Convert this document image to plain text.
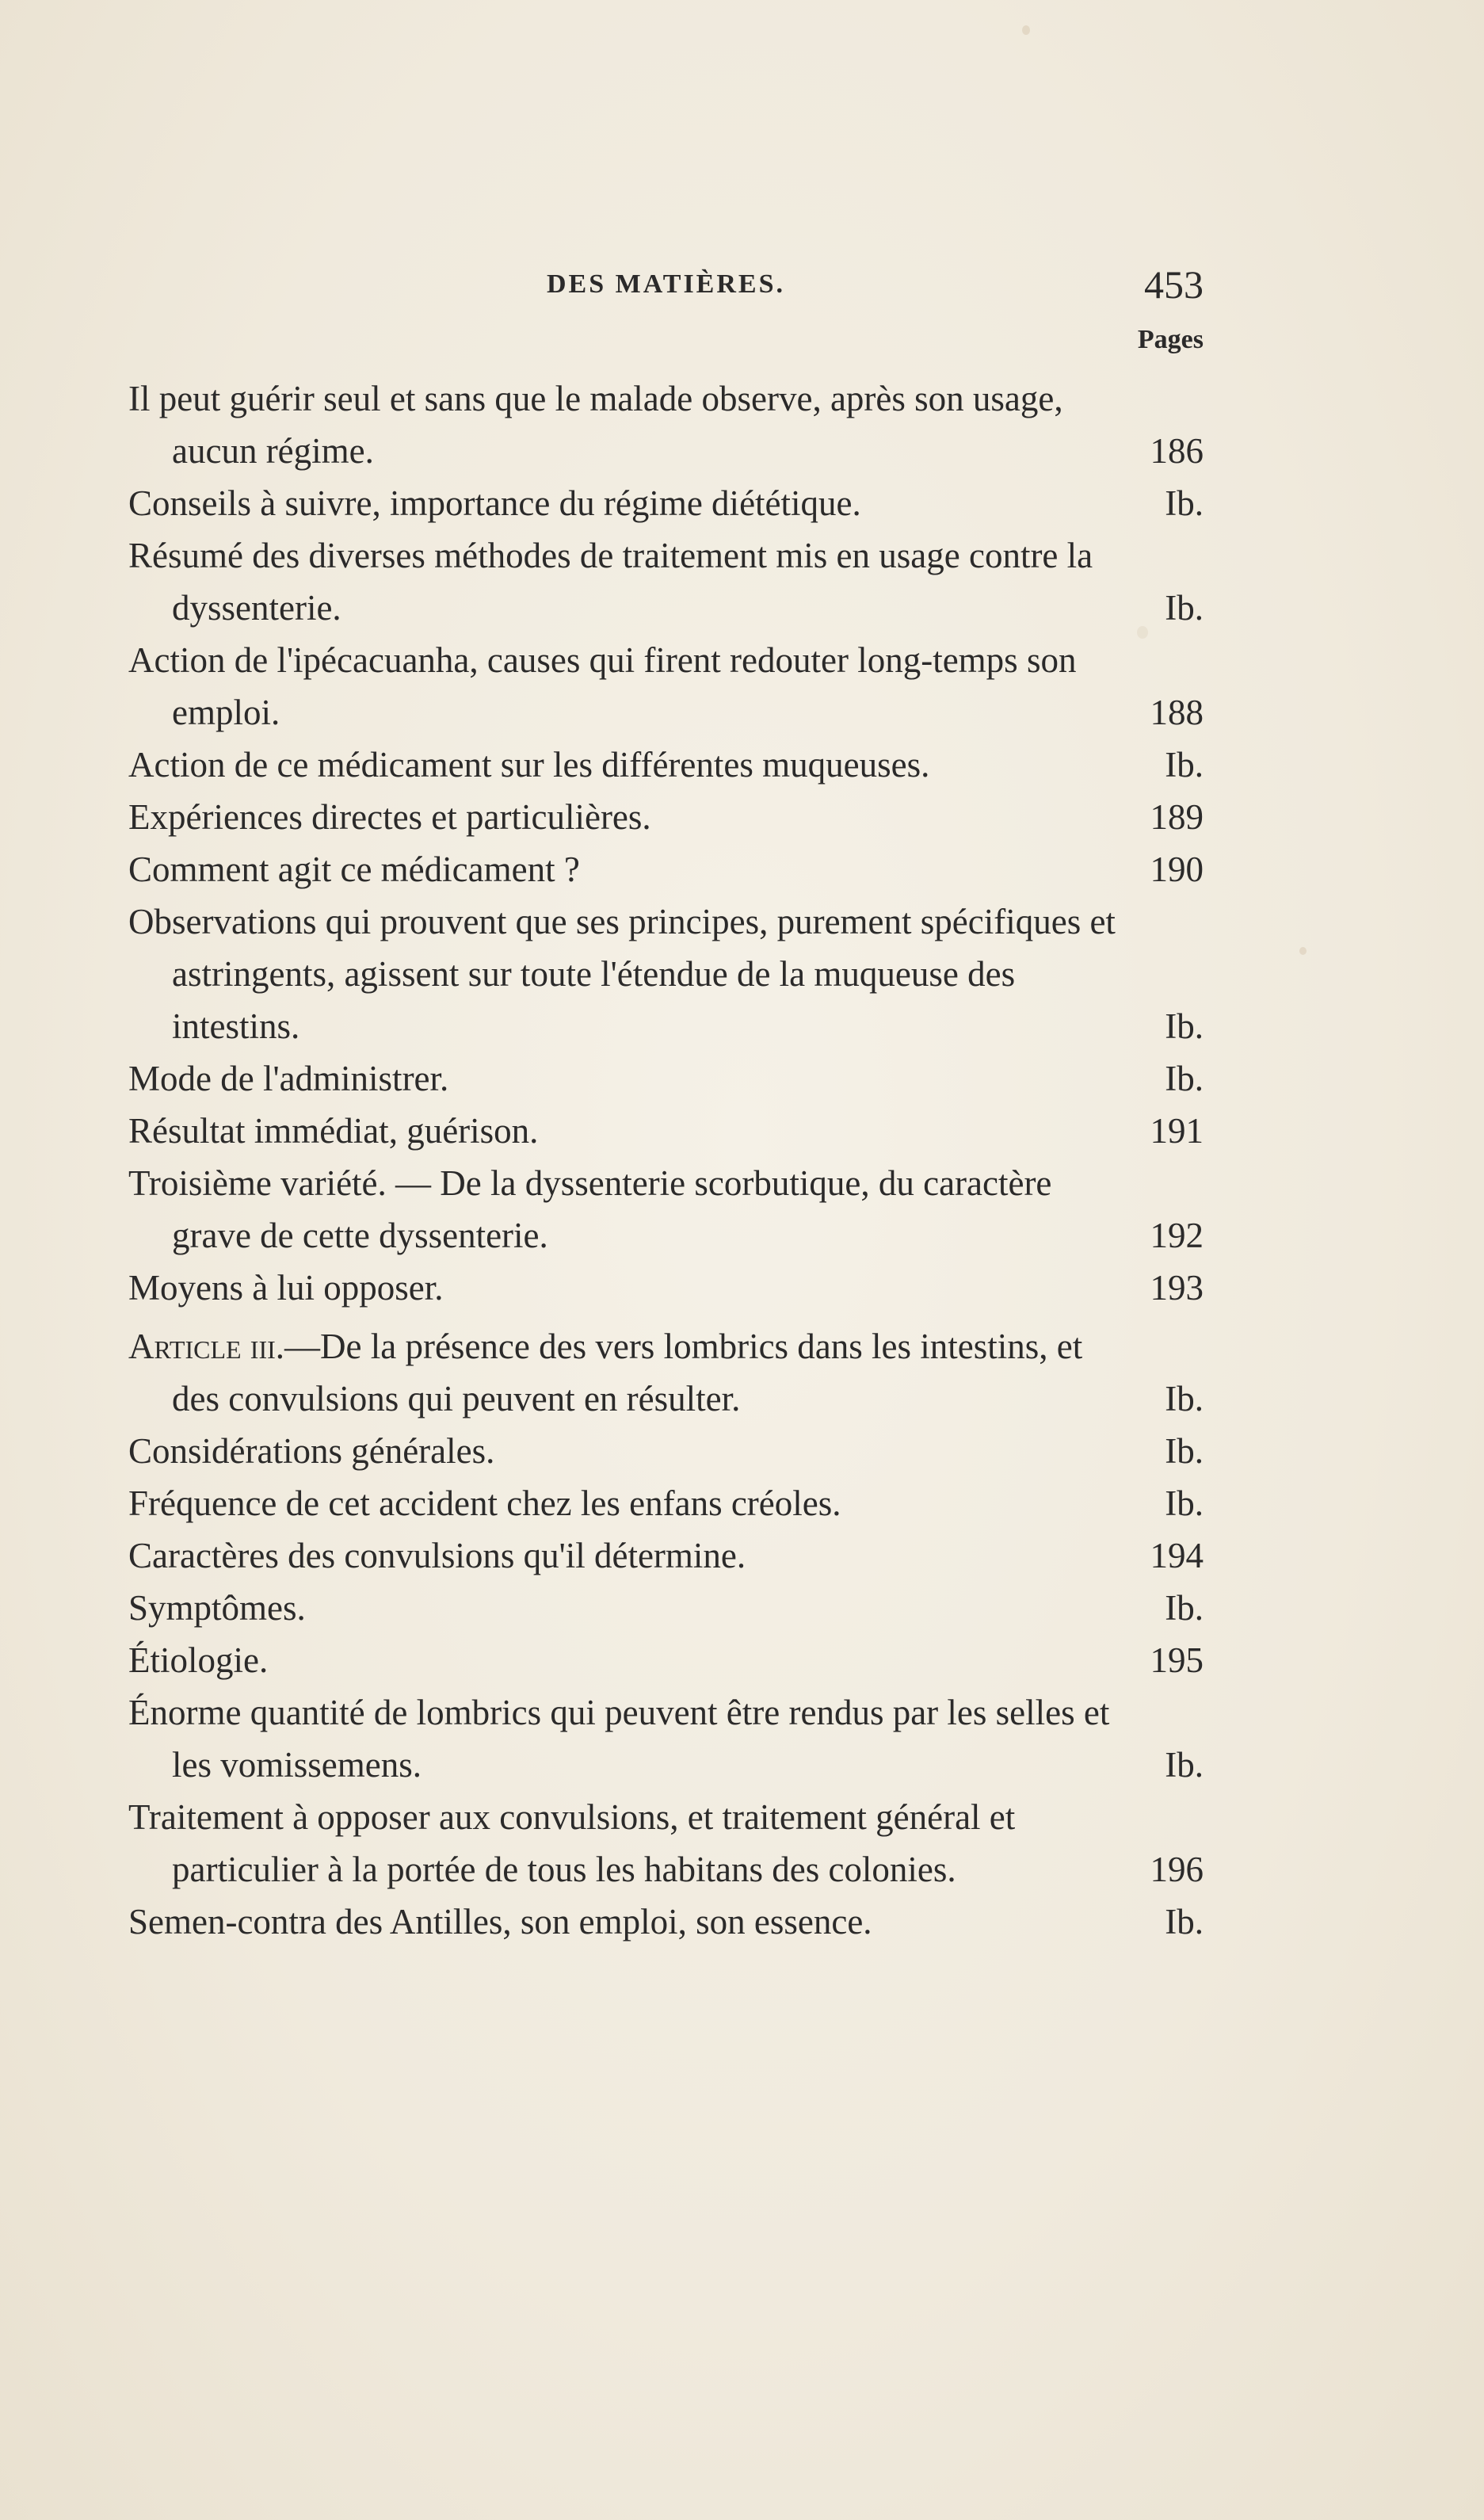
DES MATIÈRES.	453
Pages
Il peut guérir seul et sans que le malade observe, après son usage, aucun régime.	186
Conseils à suivre, importance du régime diététique.	Ib.
Résumé des diverses méthodes de traitement mis en usage contre la dyssenterie.	Ib.
Action de l'ipécacuanha, causes qui firent redouter long-temps son emploi.	188
Action de ce médicament sur les différentes muqueuses.	Ib.
Expériences directes et particulières.	189
Comment agit ce médicament ?	190
Observations qui prouvent que ses principes, purement spécifiques et astringents, agissent sur toute l'étendue de la muqueuse des intestins.	Ib.
Mode de l'administrer.	Ib.
Résultat immédiat, guérison.	191
Troisième variété. — De la dyssenterie scorbutique, du caractère grave de cette dyssenterie.	192
Moyens à lui opposer.	193
Article iii.—De la présence des vers lombrics dans les intestins, et des convulsions qui peuvent en résulter.	Ib.
Considérations générales.	Ib.
Fréquence de cet accident chez les enfans créoles.	Ib.
Caractères des convulsions qu'il détermine.	194
Symptômes.	Ib.
Étiologie.	195
Énorme quantité de lombrics qui peuvent être rendus par les selles et les vomissemens.	Ib.
Traitement à opposer aux convulsions, et traitement général et particulier à la portée de tous les habitans des colonies.	196
Semen-contra des Antilles, son emploi, son essence.	Ib.
